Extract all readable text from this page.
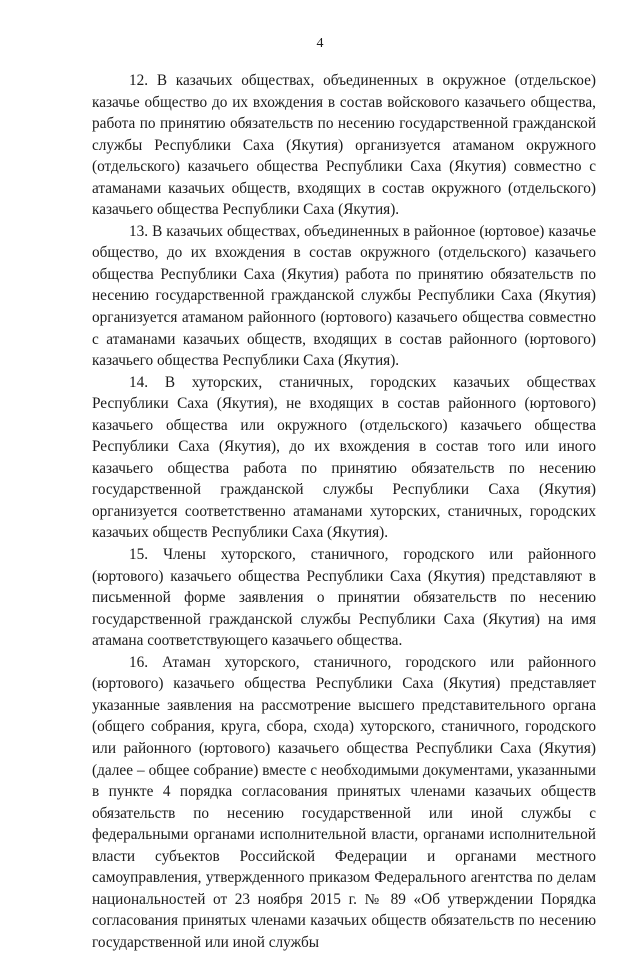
4

12. В казачьих обществах, объединенных в окружное (отдельское) казачье общество до их вхождения в состав войскового казачьего общества, работа по принятию обязательств по несению государственной гражданской службы Республики Саха (Якутия) организуется атаманом окружного (отдельского) казачьего общества Республики Саха (Якутия) совместно с атаманами казачьих обществ, входящих в состав окружного (отдельского) казачьего общества Республики Саха (Якутия).

13. В казачьих обществах, объединенных в районное (юртовое) казачье общество, до их вхождения в состав окружного (отдельского) казачьего общества Республики Саха (Якутия) работа по принятию обязательств по несению государственной гражданской службы Республики Саха (Якутия) организуется атаманом районного (юртового) казачьего общества совместно с атаманами казачьих обществ, входящих в состав районного (юртового) казачьего общества Республики Саха (Якутия).

14. В хуторских, станичных, городских казачьих обществах Республики Саха (Якутия), не входящих в состав районного (юртового) казачьего общества или окружного (отдельского) казачьего общества Республики Саха (Якутия), до их вхождения в состав того или иного казачьего общества работа по принятию обязательств по несению государственной гражданской службы Республики Саха (Якутия) организуется соответственно атаманами хуторских, станичных, городских казачьих обществ Республики Саха (Якутия).

15. Члены хуторского, станичного, городского или районного (юртового) казачьего общества Республики Саха (Якутия) представляют в письменной форме заявления о принятии обязательств по несению государственной гражданской службы Республики Саха (Якутия) на имя атамана соответствующего казачьего общества.

16. Атаман хуторского, станичного, городского или районного (юртового) казачьего общества Республики Саха (Якутия) представляет указанные заявления на рассмотрение высшего представительного органа (общего собрания, круга, сбора, схода) хуторского, станичного, городского или районного (юртового) казачьего общества Республики Саха (Якутия) (далее – общее собрание) вместе с необходимыми документами, указанными в пункте 4 порядка согласования принятых членами казачьих обществ обязательств по несению государственной или иной службы с федеральными органами исполнительной власти, органами исполнительной власти субъектов Российской Федерации и органами местного самоуправления, утвержденного приказом Федерального агентства по делам национальностей от 23 ноября 2015 г. № 89 «Об утверждении Порядка согласования принятых членами казачьих обществ обязательств по несению государственной или иной службы
